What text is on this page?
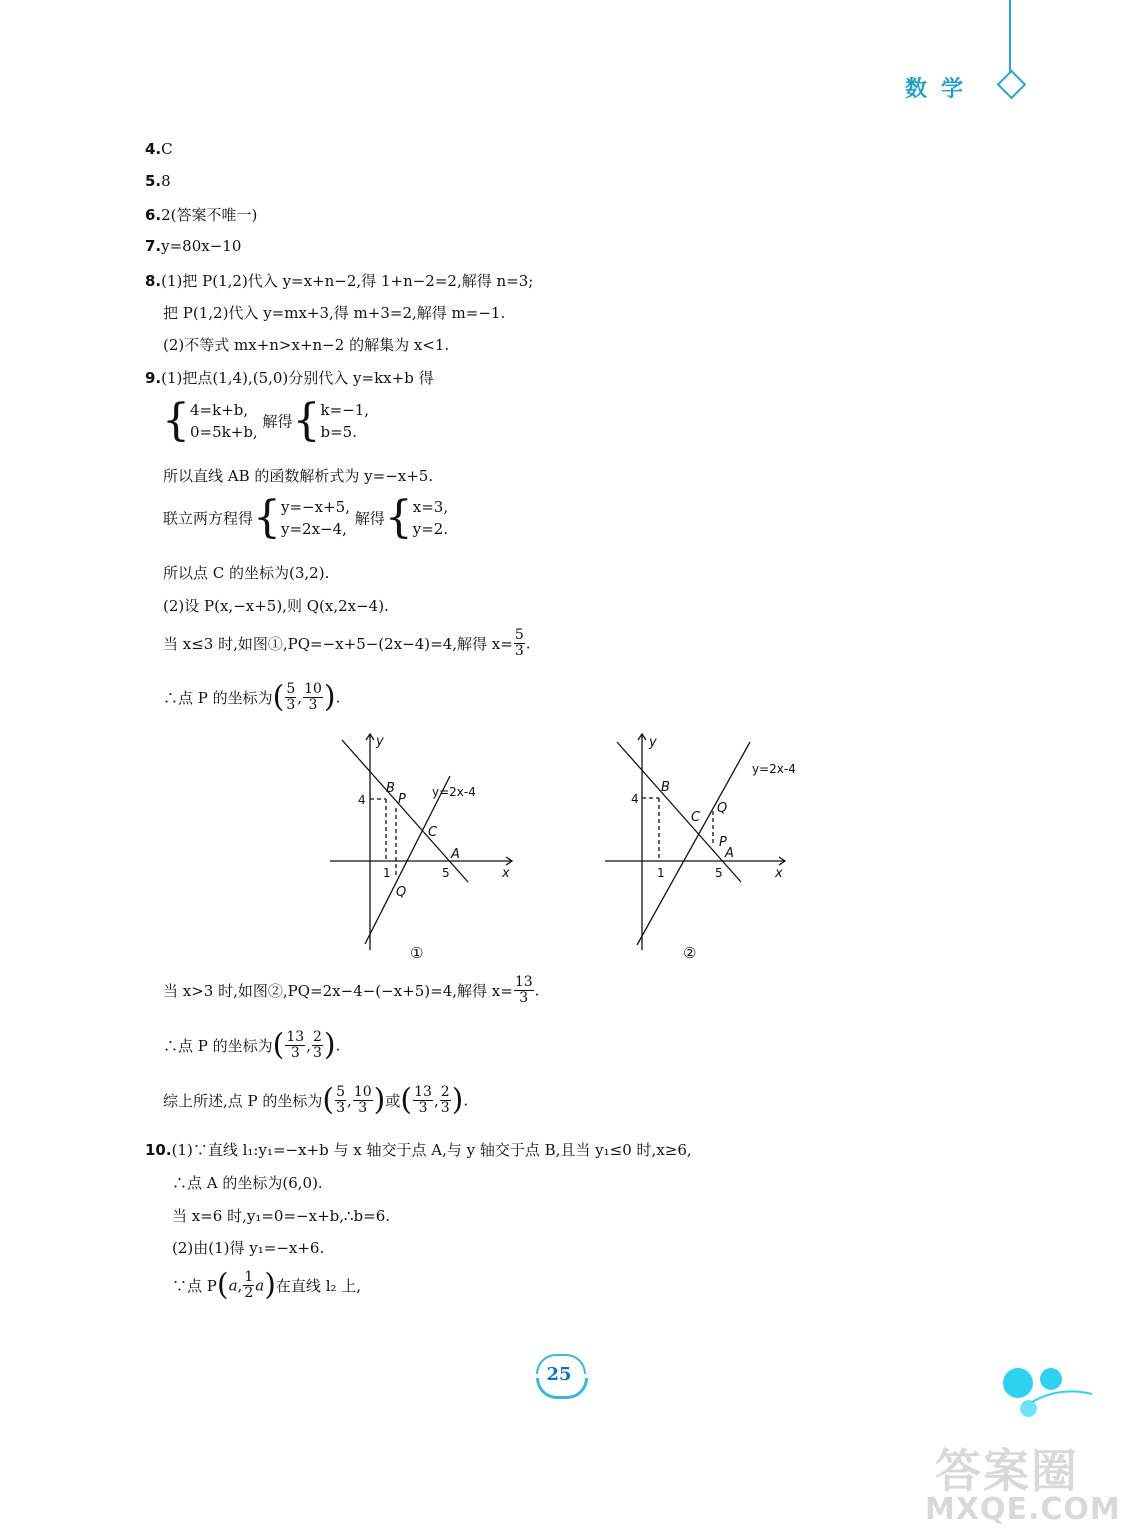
数学
4.C
5.8
6.2(答案不唯一)
7.y=80x−10
8.(1)把 P(1,2)代入 y=x+n−2,得 1+n−2=2,解得 n=3;
把 P(1,2)代入 y=mx+3,得 m+3=2,解得 m=−1.
(2)不等式 mx+n>x+n−2 的解集为 x<1.
9.(1)把点(1,4),(5,0)分别代入 y=kx+b 得
{ 4=k+b,
0=5k+b,
解得{ k=−1,
b=5.
所以直线 AB 的函数解析式为 y=−x+5.
联立两方程得{ y=−x+5,
y=2x−4,
解得{ x=3,
y=2.
所以点 C 的坐标为(3,2).
(2)设 P(x,−x+5),则 Q(x,2x−4).
当 x≤3 时,如图①,PQ=−x+5−(2x−4)=4,解得 $x= \frac{5}{3}$ .
∴点 P 的坐标为( $\frac{5}{3}$ , $\frac{10}{3}$ ).
y
x
B
P
C
A
Q
y=2x-4
4
1	5
①
y
x
B
C
Q
P
A
y=2x-4
4
1	5
②
当 x>3 时,如图②,PQ=2x−4−(−x+5)=4,解得 $x= \frac{13}{3}$ .
∴点 P 的坐标为( $\frac{13}{3}$ , $\frac{2}{3}$ ).
综上所述,点 P 的坐标为( $\frac{5}{3}$ , $\frac{10}{3}$ )或( $\frac{13}{3}$ , $\frac{2}{3}$ ).
10.(1)∵直线 l₁:y₁=−x+b 与 x 轴交于点 A,与 y 轴交于点 B,且当 y₁≤0 时,x≥6,
∴点 A 的坐标为(6,0).
当 x=6 时,y₁=0=−x+b,∴b=6.
(2)由(1)得 y₁=−x+6.
∵点 P(a, $\frac{1}{2} a$)在直线 l₂ 上,
25
答案圈
MXQE.COM
